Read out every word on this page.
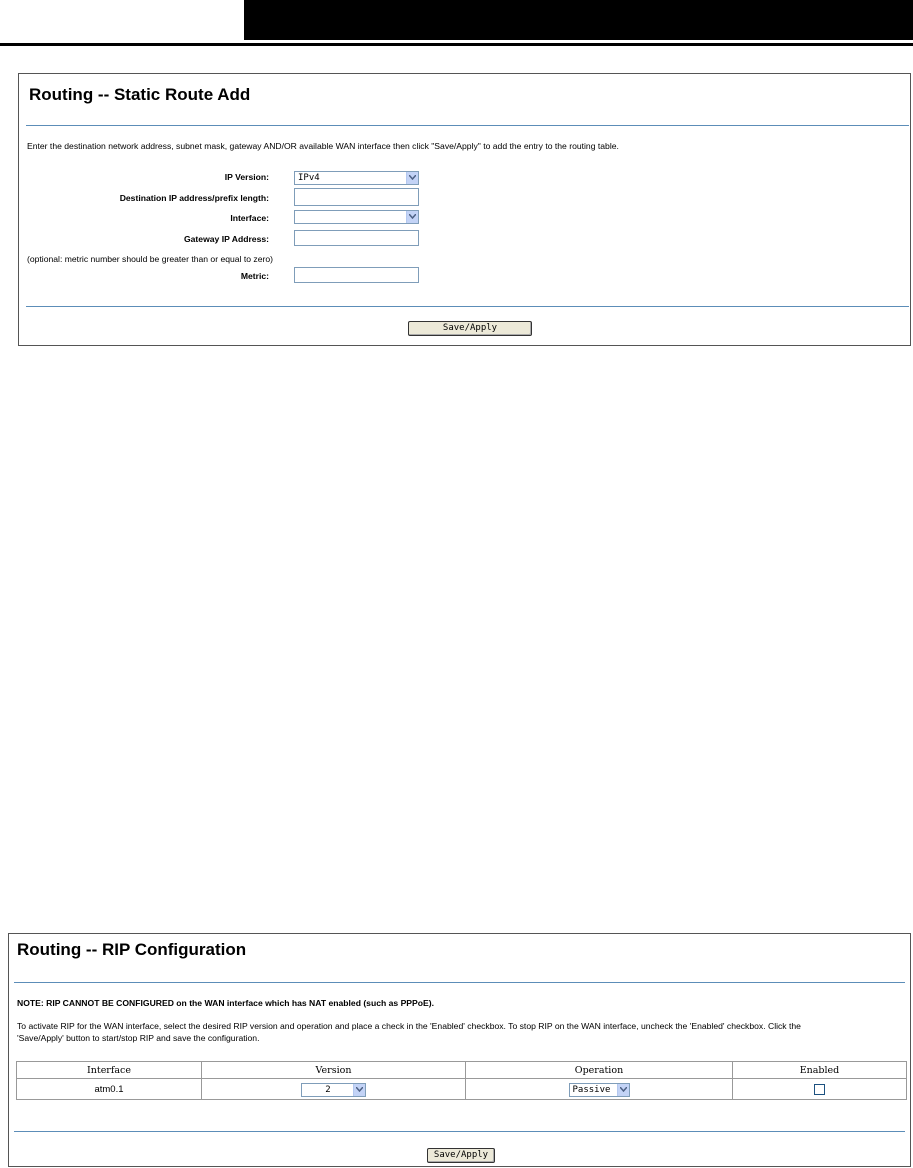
Routing -- Static Route Add
Enter the destination network address, subnet mask, gateway AND/OR available WAN interface then click "Save/Apply" to add the entry to the routing table.
IP Version:	IPv4
Destination IP address/prefix length:
Interface:
Gateway IP Address:
(optional: metric number should be greater than or equal to zero)
Metric:
Save/Apply
Routing -- RIP Configuration
NOTE: RIP CANNOT BE CONFIGURED on the WAN interface which has NAT enabled (such as PPPoE).
To activate RIP for the WAN interface, select the desired RIP version and operation and place a check in the 'Enabled' checkbox. To stop RIP on the WAN interface, uncheck the 'Enabled' checkbox. Click the
'Save/Apply' button to start/stop RIP and save the configuration.
Interface	Version	Operation	Enabled
atm0.1	2	Passive

Save/Apply
